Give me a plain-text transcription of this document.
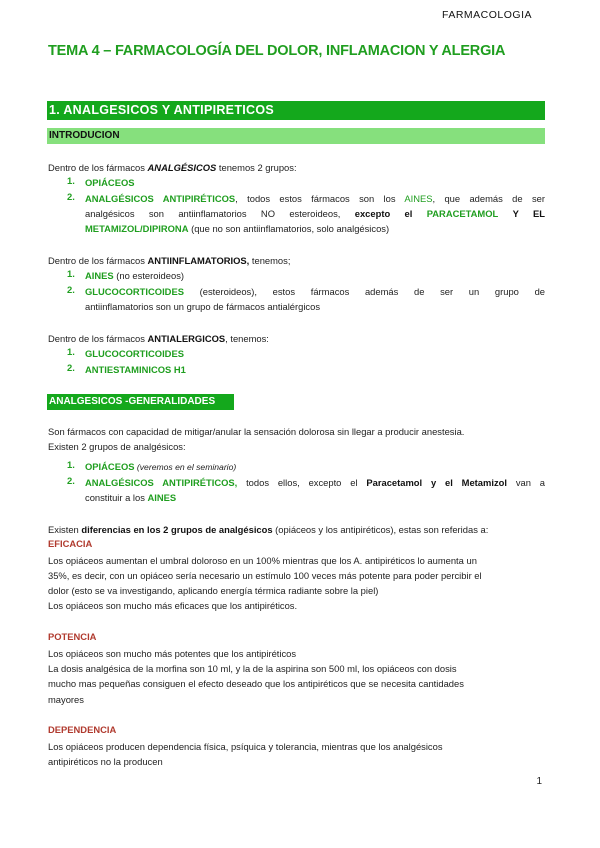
FARMACOLOGIA
TEMA 4 – FARMACOLOGÍA DEL DOLOR, INFLAMACION Y ALERGIA
1. ANALGESICOS Y ANTIPIRETICOS
INTRODUCION
Dentro de los fármacos ANALGÉSICOS tenemos 2 grupos:
1. OPIÁCEOS
2. ANALGÉSICOS ANTIPIRÉTICOS, todos estos fármacos son los AINES, que además de ser
analgésicos son antiinflamatorios NO esteroideos, excepto el PARACETAMOL Y EL
METAMIZOL/DIPIRONA (que no son antiinflamatorios, solo analgésicos)
Dentro de los fármacos ANTIINFLAMATORIOS, tenemos;
1. AINES (no esteroideos)
2. GLUCOCORTICOIDES (esteroideos), estos fármacos además de ser un grupo de
antiinflamatorios son un grupo de fármacos antialérgicos
Dentro de los fármacos ANTIALERGICOS, tenemos:
1. GLUCOCORTICOIDES
2. ANTIESTAMINICOS H1
ANALGESICOS -GENERALIDADES
Son fármacos con capacidad de mitigar/anular la sensación dolorosa sin llegar a producir anestesia.
Existen 2 grupos de analgésicos:
1. OPIÁCEOS (veremos en el seminario)
2. ANALGÉSICOS ANTIPIRÉTICOS, todos ellos, excepto el Paracetamol y el Metamizol van a
constituir a los AINES
Existen diferencias en los 2 grupos de analgésicos (opiáceos y los antipiréticos), estas son referidas a:
EFICACIA
Los opiáceos aumentan el umbral doloroso en un 100% mientras que los A. antipiréticos lo aumenta un
35%, es decir, con un opiáceo sería necesario un estímulo 100 veces más potente para poder percibir el
dolor (esto se va investigando, aplicando energía térmica radiante sobre la piel)
Los opiáceos son mucho más eficaces que los antipiréticos.
POTENCIA
Los opiáceos son mucho más potentes que los antipiréticos
La dosis analgésica de la morfina son 10 ml, y la de la aspirina son 500 ml, los opiáceos con dosis
mucho mas pequeñas consiguen el efecto deseado que los antipiréticos que se necesita cantidades
mayores
DEPENDENCIA
Los opiáceos producen dependencia física, psíquica y tolerancia, mientras que los analgésicos
antipiréticos no la producen
1
